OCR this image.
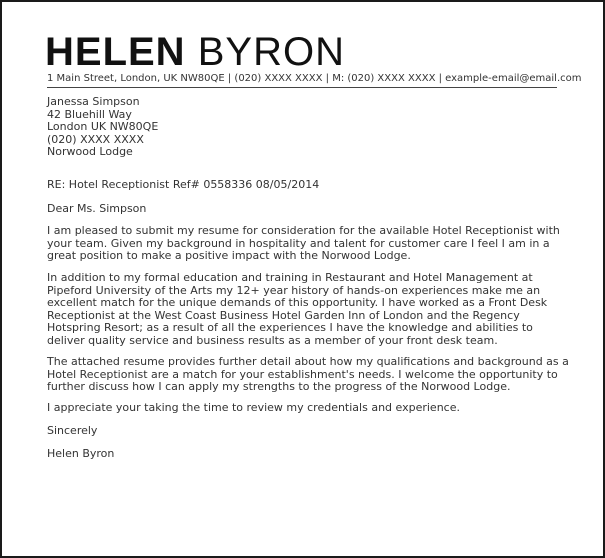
HELEN BYRON
1 Main Street, London, UK NW80QE | (020) XXXX XXXX | M: (020) XXXX XXXX | example-email@email.com
Janessa Simpson
42 Bluehill Way
London UK NW80QE
(020) XXXX XXXX
Norwood Lodge
RE: Hotel Receptionist Ref# 0558336 08/05/2014
Dear Ms. Simpson
I am pleased to submit my resume for consideration for the available Hotel Receptionist with your team. Given my background in hospitality and talent for customer care I feel I am in a great position to make a positive impact with the Norwood Lodge.
In addition to my formal education and training in Restaurant and Hotel Management at Pipeford University of the Arts my 12+ year history of hands-on experiences make me an excellent match for the unique demands of this opportunity. I have worked as a Front Desk Receptionist at the West Coast Business Hotel Garden Inn of London and the Regency Hotspring Resort; as a result of all the experiences I have the knowledge and abilities to deliver quality service and business results as a member of your front desk team.
The attached resume provides further detail about how my qualifications and background as a Hotel Receptionist are a match for your establishment's needs. I welcome the opportunity to further discuss how I can apply my strengths to the progress of the Norwood Lodge.
I appreciate your taking the time to review my credentials and experience.
Sincerely
Helen Byron
